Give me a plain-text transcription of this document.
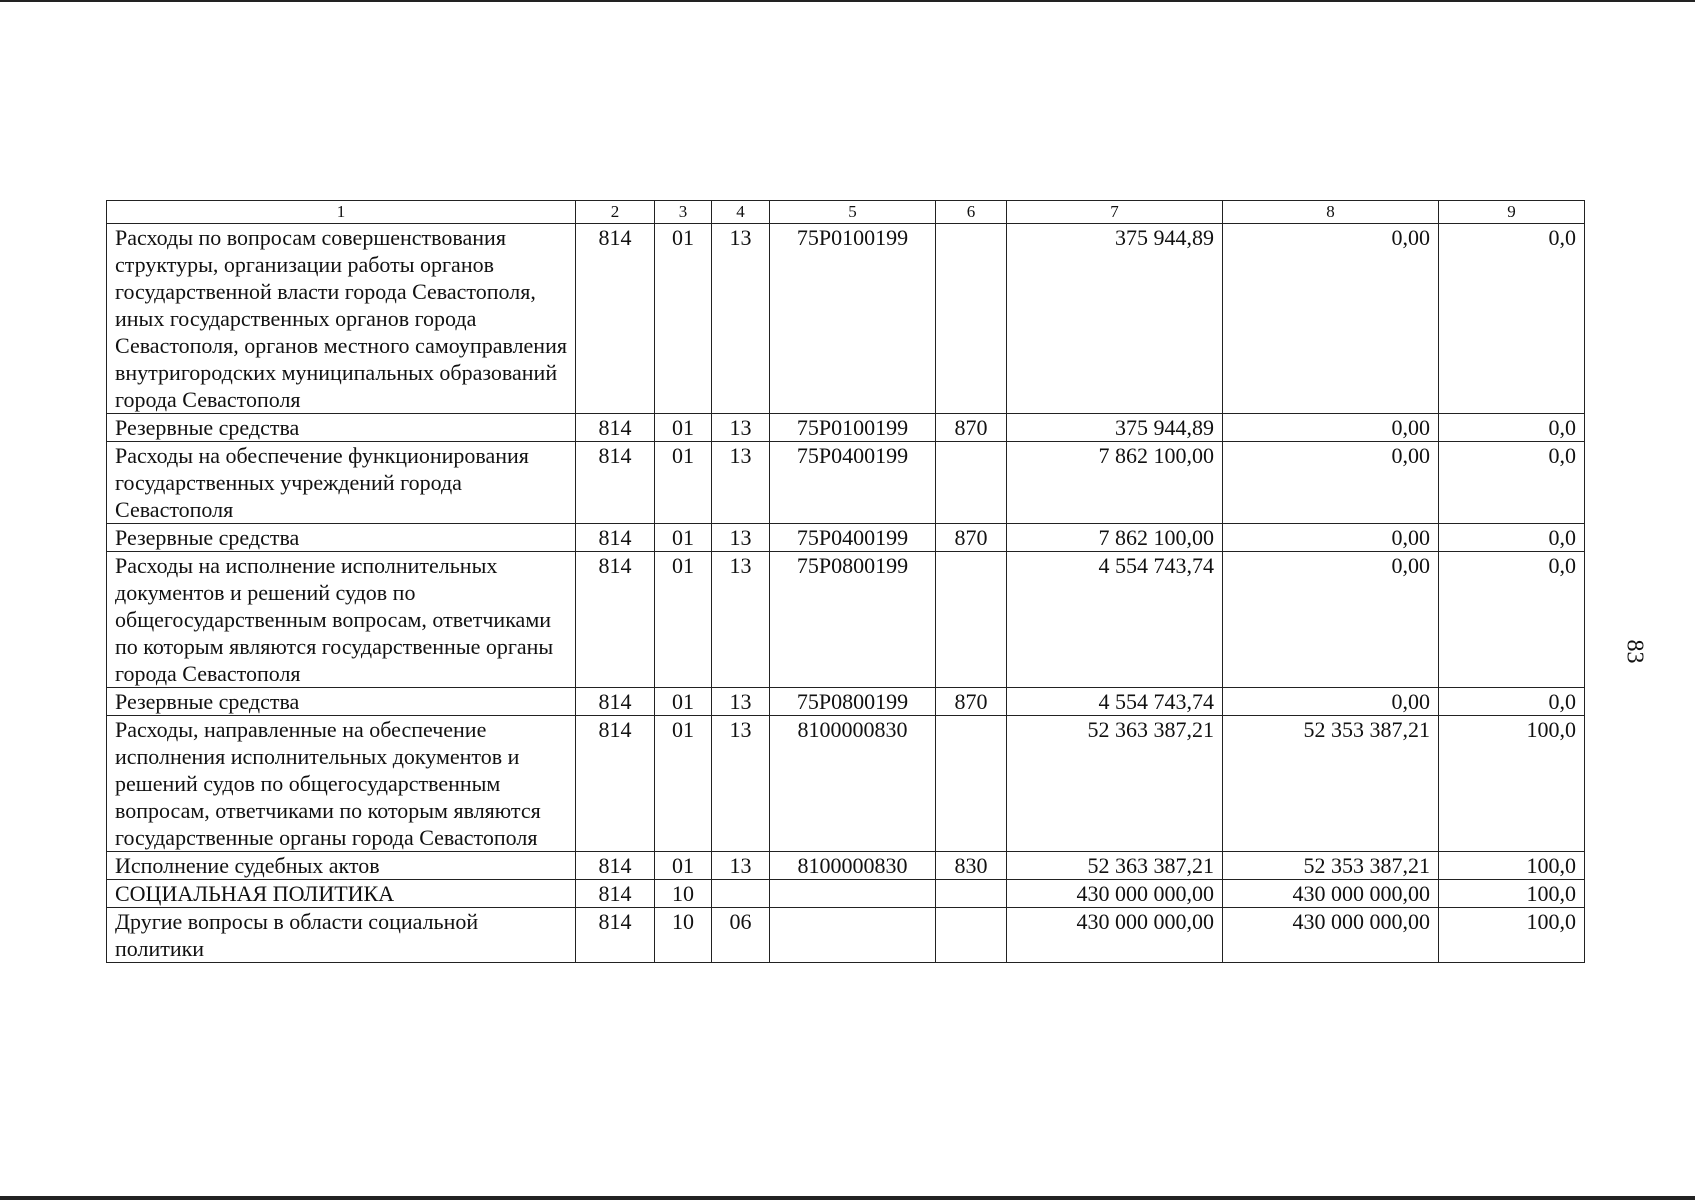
1	2	3	4	5	6	7	8	9
Расходы по вопросам совершенствования структуры, организации работы органов государственной власти города Севастополя, иных государственных органов города Севастополя, органов местного самоуправления внутригородских муниципальных образований города Севастополя	814	01	13	75Р0100199		375 944,89	0,00	0,0
Резервные средства	814	01	13	75Р0100199	870	375 944,89	0,00	0,0
Расходы на обеспечение функционирования государственных учреждений города Севастополя	814	01	13	75Р0400199		7 862 100,00	0,00	0,0
Резервные средства	814	01	13	75Р0400199	870	7 862 100,00	0,00	0,0
Расходы на исполнение исполнительных документов и решений судов по общегосударственным вопросам, ответчиками по которым являются государственные органы города Севастополя	814	01	13	75Р0800199		4 554 743,74	0,00	0,0
Резервные средства	814	01	13	75Р0800199	870	4 554 743,74	0,00	0,0
Расходы, направленные на обеспечение исполнения исполнительных документов и решений судов по общегосударственным вопросам, ответчиками по которым являются государственные органы города Севастополя	814	01	13	8100000830		52 363 387,21	52 353 387,21	100,0
Исполнение судебных актов	814	01	13	8100000830	830	52 363 387,21	52 353 387,21	100,0
СОЦИАЛЬНАЯ ПОЛИТИКА	814	10				430 000 000,00	430 000 000,00	100,0
Другие вопросы в области социальной политики	814	10	06			430 000 000,00	430 000 000,00	100,0
83
